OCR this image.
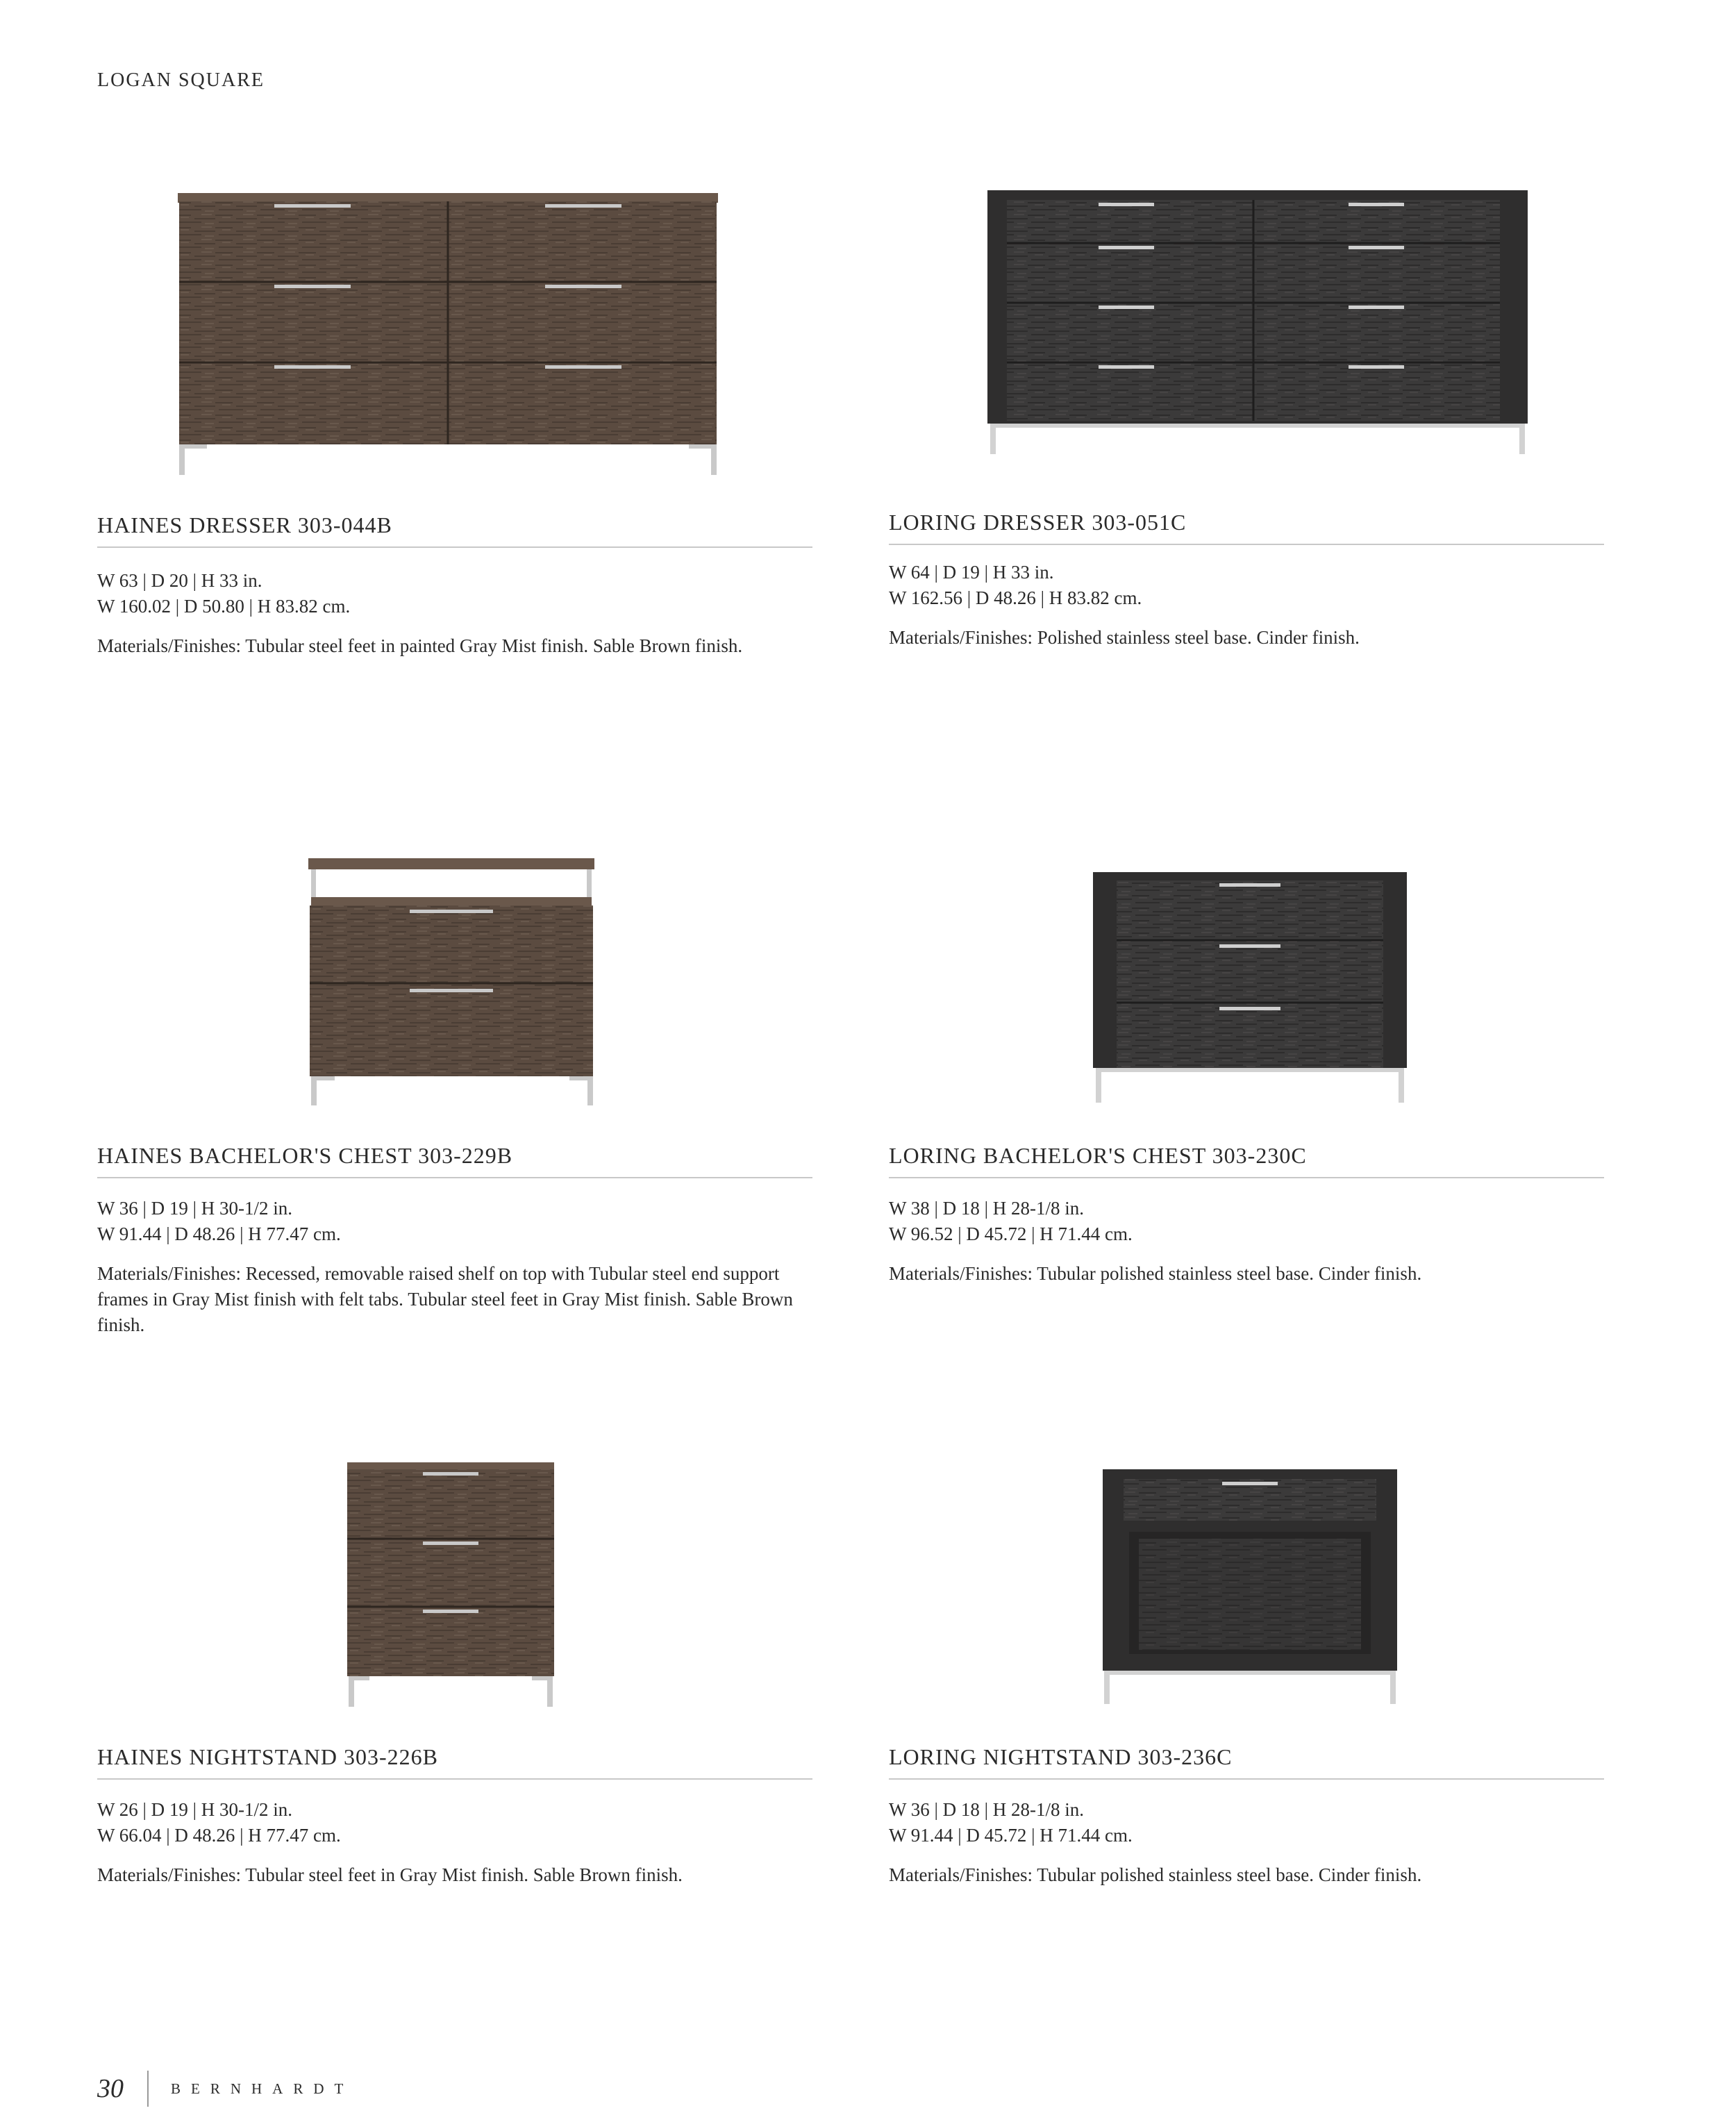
LOGAN SQUARE
HAINES DRESSER 303-044B
W 63 | D 20 | H 33 in.
W 160.02 | D 50.80 | H 83.82 cm.
Materials/Finishes: Tubular steel feet in painted Gray Mist finish. Sable Brown finish.
LORING DRESSER 303-051C
W 64 | D 19 | H 33 in.
W 162.56 | D 48.26 | H 83.82 cm.
Materials/Finishes: Polished stainless steel base. Cinder finish.
HAINES BACHELOR'S CHEST 303-229B
W 36 | D 19 | H 30-1/2 in.
W 91.44 | D 48.26 | H 77.47 cm.
Materials/Finishes: Recessed, removable raised shelf on top with Tubular steel end support frames in Gray Mist finish with felt tabs. Tubular steel feet in Gray Mist finish. Sable Brown finish.
LORING BACHELOR'S CHEST 303-230C
W 38 | D 18 | H 28-1/8 in.
W 96.52 | D 45.72 | H 71.44 cm.
Materials/Finishes: Tubular polished stainless steel base. Cinder finish.
HAINES NIGHTSTAND 303-226B
W 26 | D 19 | H 30-1/2 in.
W 66.04 | D 48.26 | H 77.47 cm.
Materials/Finishes: Tubular steel feet in Gray Mist finish. Sable Brown finish.
LORING NIGHTSTAND 303-236C
W 36 | D 18 | H 28-1/8 in.
W 91.44 | D 45.72 | H 71.44 cm.
Materials/Finishes: Tubular polished stainless steel base. Cinder finish.
30	BERNHARDT
